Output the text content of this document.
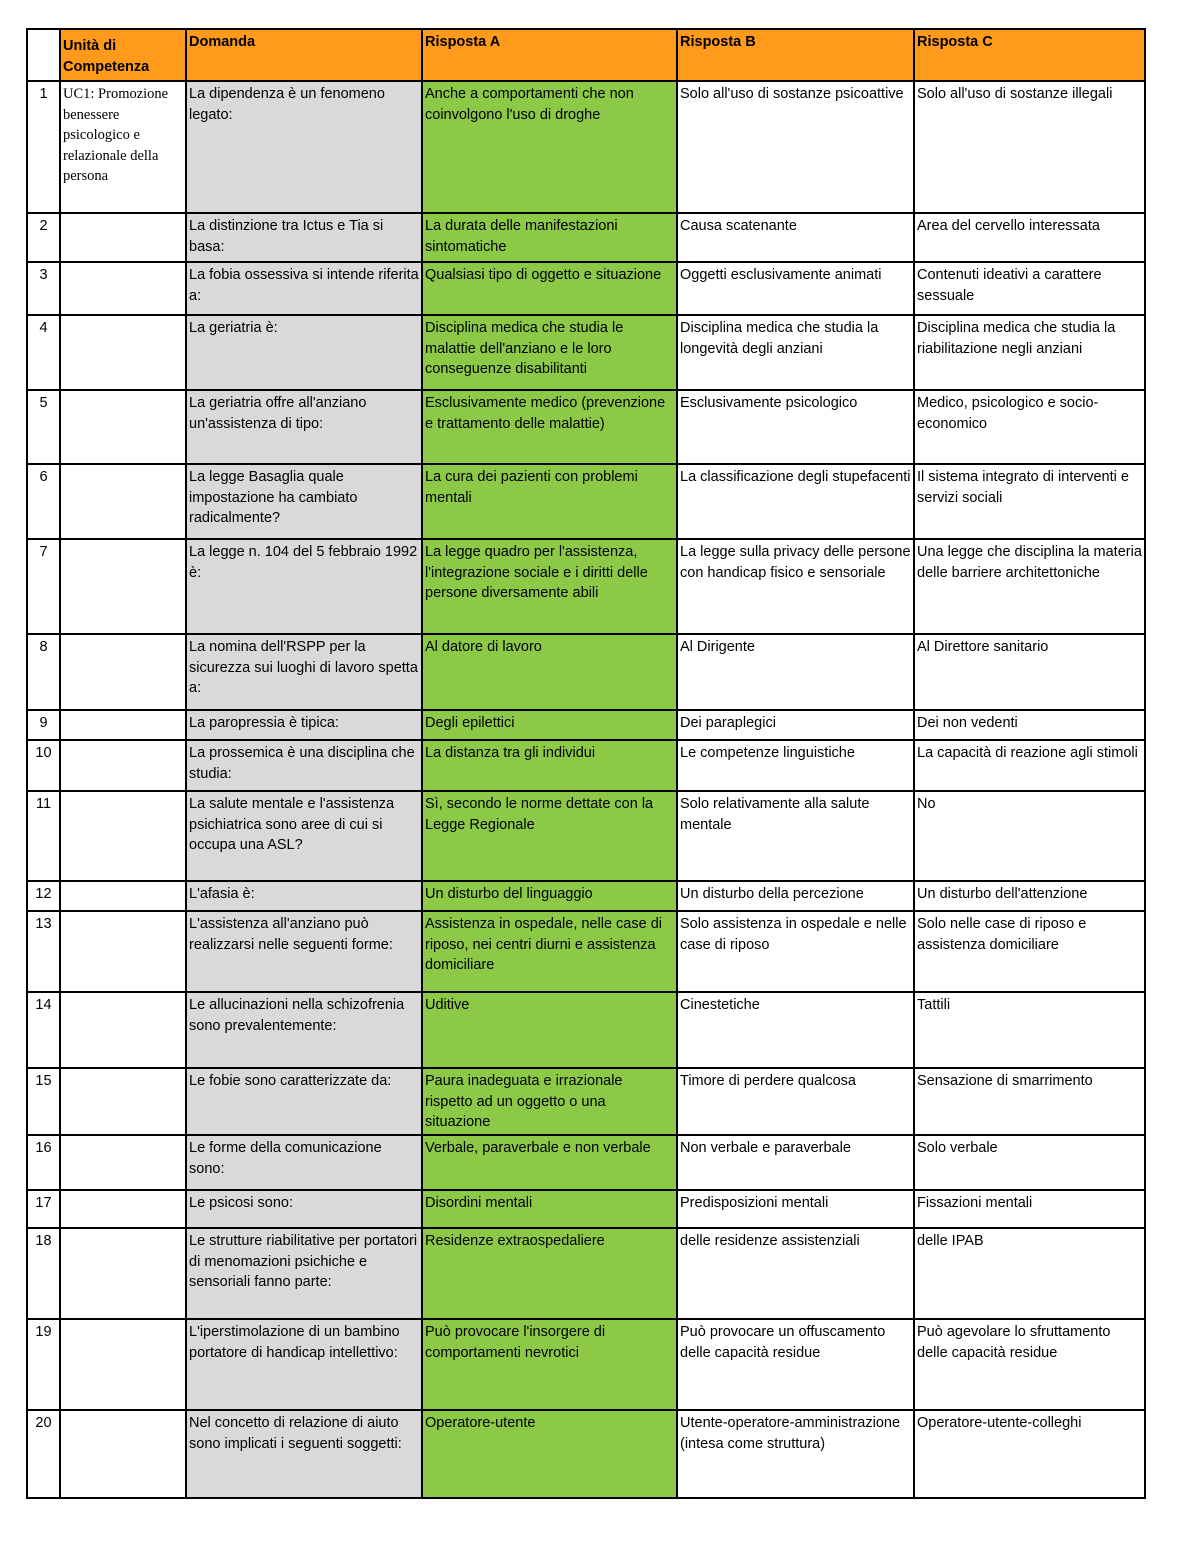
	Unità di Competenza	Domanda	Risposta A	Risposta B	Risposta C
1	UC1: Promozione benessere psicologico e relazionale della persona	La dipendenza è un fenomeno legato:	Anche a comportamenti che non coinvolgono l'uso di droghe	Solo all'uso di sostanze psicoattive	Solo all'uso di sostanze illegali
2		La distinzione tra Ictus e Tia si basa:	La durata delle manifestazioni sintomatiche	Causa scatenante	Area del cervello interessata
3		La fobia ossessiva si intende riferita a:	Qualsiasi tipo di oggetto e situazione	Oggetti esclusivamente animati	Contenuti ideativi a carattere sessuale
4		La geriatria è:	Disciplina medica che studia le malattie dell'anziano e le loro conseguenze disabilitanti	Disciplina medica che studia la longevità degli anziani	Disciplina medica che studia la riabilitazione negli anziani
5		La geriatria offre all'anziano un'assistenza di tipo:	Esclusivamente medico (prevenzione e trattamento delle malattie)	Esclusivamente psicologico	Medico, psicologico e socio-economico
6		La legge Basaglia quale impostazione ha cambiato radicalmente?	La cura dei pazienti con problemi mentali	La classificazione degli stupefacenti	Il sistema integrato di interventi e servizi sociali
7		La legge n. 104 del 5 febbraio 1992 è:	La legge quadro per l'assistenza, l'integrazione sociale e i diritti delle persone diversamente abili	La legge sulla privacy delle persone con handicap fisico e sensoriale	Una legge che disciplina la materia delle barriere architettoniche
8		La nomina dell'RSPP per la sicurezza sui luoghi di lavoro spetta a:	Al datore di lavoro	Al Dirigente	Al Direttore sanitario
9		La paropressia è tipica:	Degli epilettici	Dei paraplegici	Dei non vedenti
10		La prossemica è una disciplina che studia:	La distanza tra gli individui	Le competenze linguistiche	La capacità di reazione agli stimoli
11		La salute mentale e l'assistenza psichiatrica sono aree di cui si occupa una ASL?	Sì, secondo le norme dettate con la Legge Regionale	Solo relativamente alla salute mentale	No
12		L'afasia è:	Un disturbo del linguaggio	Un disturbo della percezione	Un disturbo dell'attenzione
13		L'assistenza all'anziano può realizzarsi nelle seguenti forme:	Assistenza in ospedale, nelle case di riposo, nei centri diurni e assistenza domiciliare	Solo assistenza in ospedale e nelle case di riposo	Solo nelle case di riposo e assistenza domiciliare
14		Le allucinazioni nella schizofrenia sono prevalentemente:	Uditive	Cinestetiche	Tattili
15		Le fobie sono caratterizzate da:	Paura inadeguata e irrazionale rispetto ad un oggetto o una situazione	Timore di perdere qualcosa	Sensazione di smarrimento
16		Le forme della comunicazione sono:	Verbale, paraverbale e non verbale	Non verbale e paraverbale	Solo verbale
17		Le psicosi sono:	Disordini mentali	Predisposizioni mentali	Fissazioni mentali
18		Le strutture riabilitative per portatori di menomazioni psichiche e sensoriali fanno parte:	Residenze extraospedaliere	delle residenze assistenziali	delle IPAB
19		L'iperstimolazione di un bambino portatore di handicap intellettivo:	Può provocare l'insorgere di comportamenti nevrotici	Può provocare un offuscamento delle capacità residue	Può agevolare lo sfruttamento delle capacità residue
20		Nel concetto di relazione di aiuto sono implicati i seguenti soggetti:	Operatore-utente	Utente-operatore-amministrazione (intesa come struttura)	Operatore-utente-colleghi
